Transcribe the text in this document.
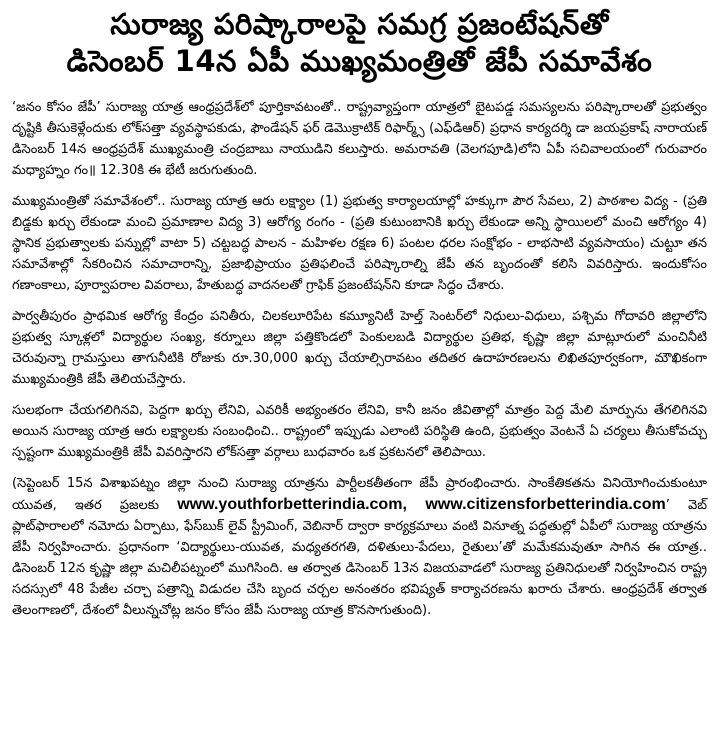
సురాజ్య పరిష్కారాలపై సమగ్ర ప్రజంటేషన్‌తో
డిసెంబర్ 14న ఏపీ ముఖ్యమంత్రితో జేపీ సమావేశం

‘జనం కోసం జేపీ’ సురాజ్య యాత్ర ఆంధ్రప్రదేశ్‌లో పూర్తికావటంతో.. రాష్ట్రవ్యాప్తంగా యాత్రలో బైటపడ్డ సమస్యలను పరిష్కారాలతో ప్రభుత్వం దృష్టికి తీసుకెళ్లేందుకు లోక్‌సత్తా వ్యవస్థాపకుడు, ఫౌండేషన్ ఫర్ డెమొక్రాటిక్ రిఫార్మ్స్ (ఎఫ్‌డిఆర్) ప్రధాన కార్యదర్శి డా జయప్రకాష్ నారాయణ్ డిసెంబర్ 14న ఆంధ్రప్రదేశ్ ముఖ్యమంత్రి చంద్రబాబు నాయుడిని కలుస్తారు. అమరావతి (వెలగపూడి)లోని ఏపీ సచివాలయంలో గురువారం మధ్యాహ్నం గం॥ 12.30కి ఈ భేటీ జరుగుతుంది.

ముఖ్యమంత్రితో సమావేశంలో.. సురాజ్య యాత్ర ఆరు లక్ష్యాల (1) ప్రభుత్వ కార్యాలయాల్లో హక్కుగా పౌర సేవలు, 2) పాఠశాల విద్య - (ప్రతి బిడ్డకు ఖర్చు లేకుండా మంచి ప్రమాణాల విద్య 3) ఆరోగ్య రంగం - (ప్రతి కుటుంబానికి ఖర్చు లేకుండా అన్ని స్థాయిలలో మంచి ఆరోగ్యం 4) స్థానిక ప్రభుత్వాలకు పన్నుల్లో వాటా 5) చట్టబద్ధ పాలన - మహిళల రక్షణ 6) పంటల ధరల సంక్షోభం - లాభసాటి వ్యవసాయం) చుట్టూ తన సమావేశాల్లో సేకరించిన సమాచారాన్ని, ప్రజాభిప్రాయం ప్రతిఫలించే పరిష్కారాల్ని జేపీ తన బృందంతో కలిసి వివరిస్తారు. ఇందుకోసం గణాంకాలు, పూర్వాపరాల వివరాలు, హేతుబద్ధ వాదనలతో గ్రాఫిక్ ప్రజంటేషన్‌ని కూడా సిద్ధం చేశారు.

పార్వతీపురం ప్రాథమిక ఆరోగ్య కేంద్రం పనితీరు, చిలకలూరిపేట కమ్యూనిటీ హెల్త్ సెంటర్‌లో నిధులు-విధులు, పశ్చిమ గోదావరి జిల్లాలోని ప్రభుత్వ స్కూళ్లలో విద్యార్థుల సంఖ్య, కర్నూలు జిల్లా పత్తికొండలో పెంకులబడి విద్యార్థుల ప్రతిభ, కృష్ణా జిల్లా మాట్లూరులో మంచినీటి చెరువున్నా గ్రామస్తులు తాగునీటికి రోజుకు రూ.30,000 ఖర్చు చేయాల్సిరావటం తదితర ఉదాహరణలను లిఖితపూర్వకంగా, మౌఖికంగా ముఖ్యమంత్రికి జేపీ తెలియచేస్తారు.

సులభంగా చేయగలిగినవి, పెద్దగా ఖర్చు లేనివి, ఎవరికీ అభ్యంతరం లేనివి, కానీ జనం జీవితాల్లో మాత్రం పెద్ద మేలి మార్పును తేగలిగినవి అయిన సురాజ్య యాత్ర ఆరు లక్ష్యాలకు సంబంధించి.. రాష్ట్రంలో ఇప్పుడు ఎలాంటి పరిస్థితి ఉంది, ప్రభుత్వం వెంటనే ఏ చర్యలు తీసుకోవచ్చు స్పష్టంగా ముఖ్యమంత్రికి జేపీ వివరిస్తారని లోక్‌సత్తా వర్గాలు బుధవారం ఒక ప్రకటనలో తెలిపాయి.

(సెప్టెంబర్ 15న విశాఖపట్నం జిల్లా నుంచి సురాజ్య యాత్రను పార్టీలకతీతంగా జేపీ ప్రారంభించారు. సాంకేతికతను వినియోగించుకుంటూ యువత, ఇతర ప్రజలకు www.youthforbetterindia.com, www.citizensforbetterindia.com’ వెబ్ ప్లాట్‌ఫారాలలో నమోదు ఏర్పాటు, ఫేస్‌బుక్ లైవ్ స్ట్రీమింగ్, వెబినార్ ద్వారా కార్యక్రమాలు వంటి వినూత్న పద్ధతుల్లో ఏపీలో సురాజ్య యాత్రను జేపీ నిర్వహించారు. ప్రధానంగా ‘విద్యార్థులు-యువత, మధ్యతరగతి, దళితులు-పేదలు, రైతులు’తో మమేకమవుతూ సాగిన ఈ యాత్ర.. డిసెంబర్ 12న కృష్ణా జిల్లా మచిలీపట్నంలో ముగిసింది. ఆ తర్వాత డిసెంబర్ 13న విజయవాడలో సురాజ్య ప్రతినిధులతో నిర్వహించిన రాష్ట్ర సదస్సులో 48 పేజీల చర్చా పత్రాన్ని విడుదల చేసి బృంద చర్చల అనంతరం భవిష్యత్ కార్యాచరణను ఖరారు చేశారు. ఆంధ్రప్రదేశ్ తర్వాత తెలంగాణలో, దేశంలో వీలున్నచోట్ల జనం కోసం జేపీ సురాజ్య యాత్ర కొనసాగుతుంది).
